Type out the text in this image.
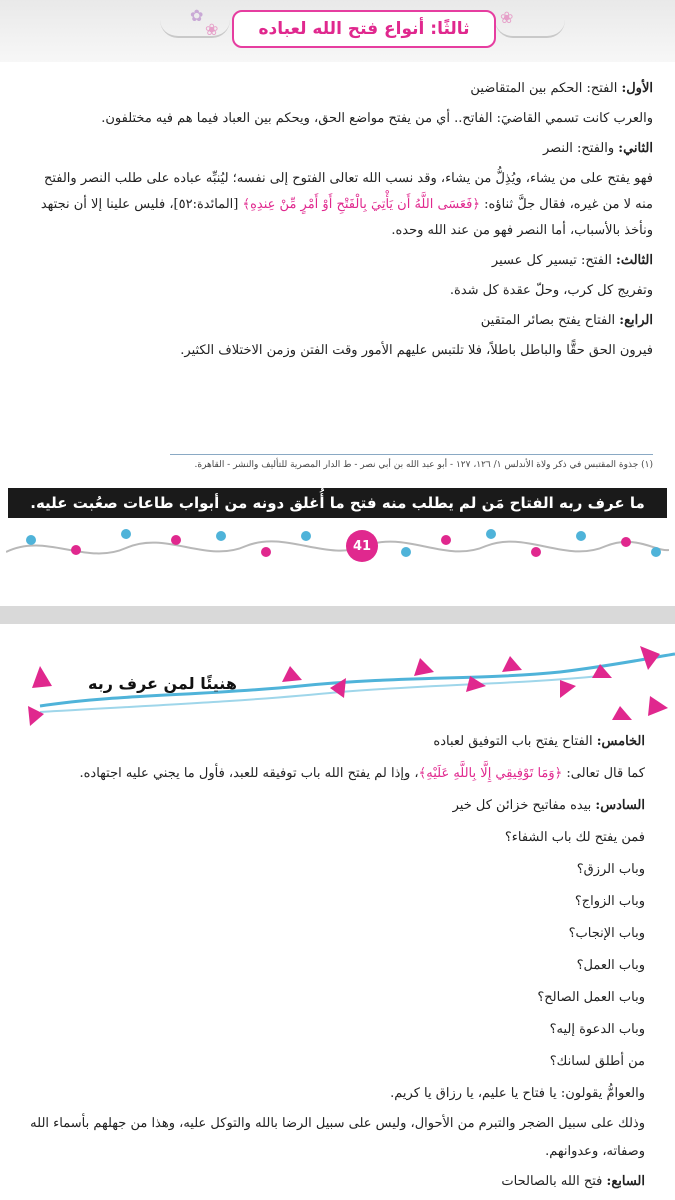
✿
❀
❀
ثالثًا: أنواع فتح الله لعباده
الأول: الفتح: الحكم بين المتقاضين
والعرب كانت تسمي القاضيَ: الفاتح.. أي من يفتح مواضع الحق، ويحكم بين العباد فيما هم فيه مختلفون.
الثاني: والفتح: النصر
فهو يفتح على من يشاء، ويُذِلُّ من يشاء، وقد نسب الله تعالى الفتوح إلى نفسه؛ ليُنبِّه عباده على طلب النصر والفتح منه لا من غيره، فقال جلَّ ثناؤه: ﴿فَعَسَى اللَّهُ أَن يَأْتِيَ بِالْفَتْحِ أَوْ أَمْرٍ مِّنْ عِندِهِ﴾ [المائدة:٥٢]، فليس علينا إلا أن نجتهد ونأخذ بالأسباب، أما النصر فهو من عند الله وحده.
الثالث: الفتح: تيسير كل عسير
وتفريج كل كرب، وحلّ عقدة كل شدة.
الرابع: الفتاح يفتح بصائر المتقين
فيرون الحق حقًّا والباطل باطلاً، فلا تلتبس عليهم الأمور وقت الفتن وزمن الاختلاف الكثير.
(١) جذوة المقتبس في ذكر ولاة الأندلس ١/ ١٢٦، ١٢٧ - أبو عبد الله بن أبي نصر - ط الدار المصرية للتأليف والنشر - القاهرة.
ما عرف ربه الفتاح مَن لم يطلب منه فتح ما أُغلق دونه من أبواب طاعات صعُبت عليه.
41
هنيئًا لمن عرف ربه
الخامس: الفتاح يفتح باب التوفيق لعباده
كما قال تعالى: ﴿وَمَا تَوْفِيقِي إِلَّا بِاللَّهِ عَلَيْهِ﴾، وإذا لم يفتح الله باب توفيقه للعبد، فأول ما يجني عليه اجتهاده.
السادس: بيده مفاتيح خزائن كل خير
فمن يفتح لك باب الشفاء؟
وباب الرزق؟
وباب الزواج؟
وباب الإنجاب؟
وباب العمل؟
وباب العمل الصالح؟
وباب الدعوة إليه؟
من أطلق لسانك؟
والعوامُّ يقولون: يا فتاح يا عليم، يا رزاق يا كريم.
وذلك على سبيل الضجر والتبرم من الأحوال، وليس على سبيل الرضا بالله والتوكل عليه، وهذا من جهلهم بأسماء الله وصفاته، وعدوانهم.
السابع: فتح الله بالصالحات
